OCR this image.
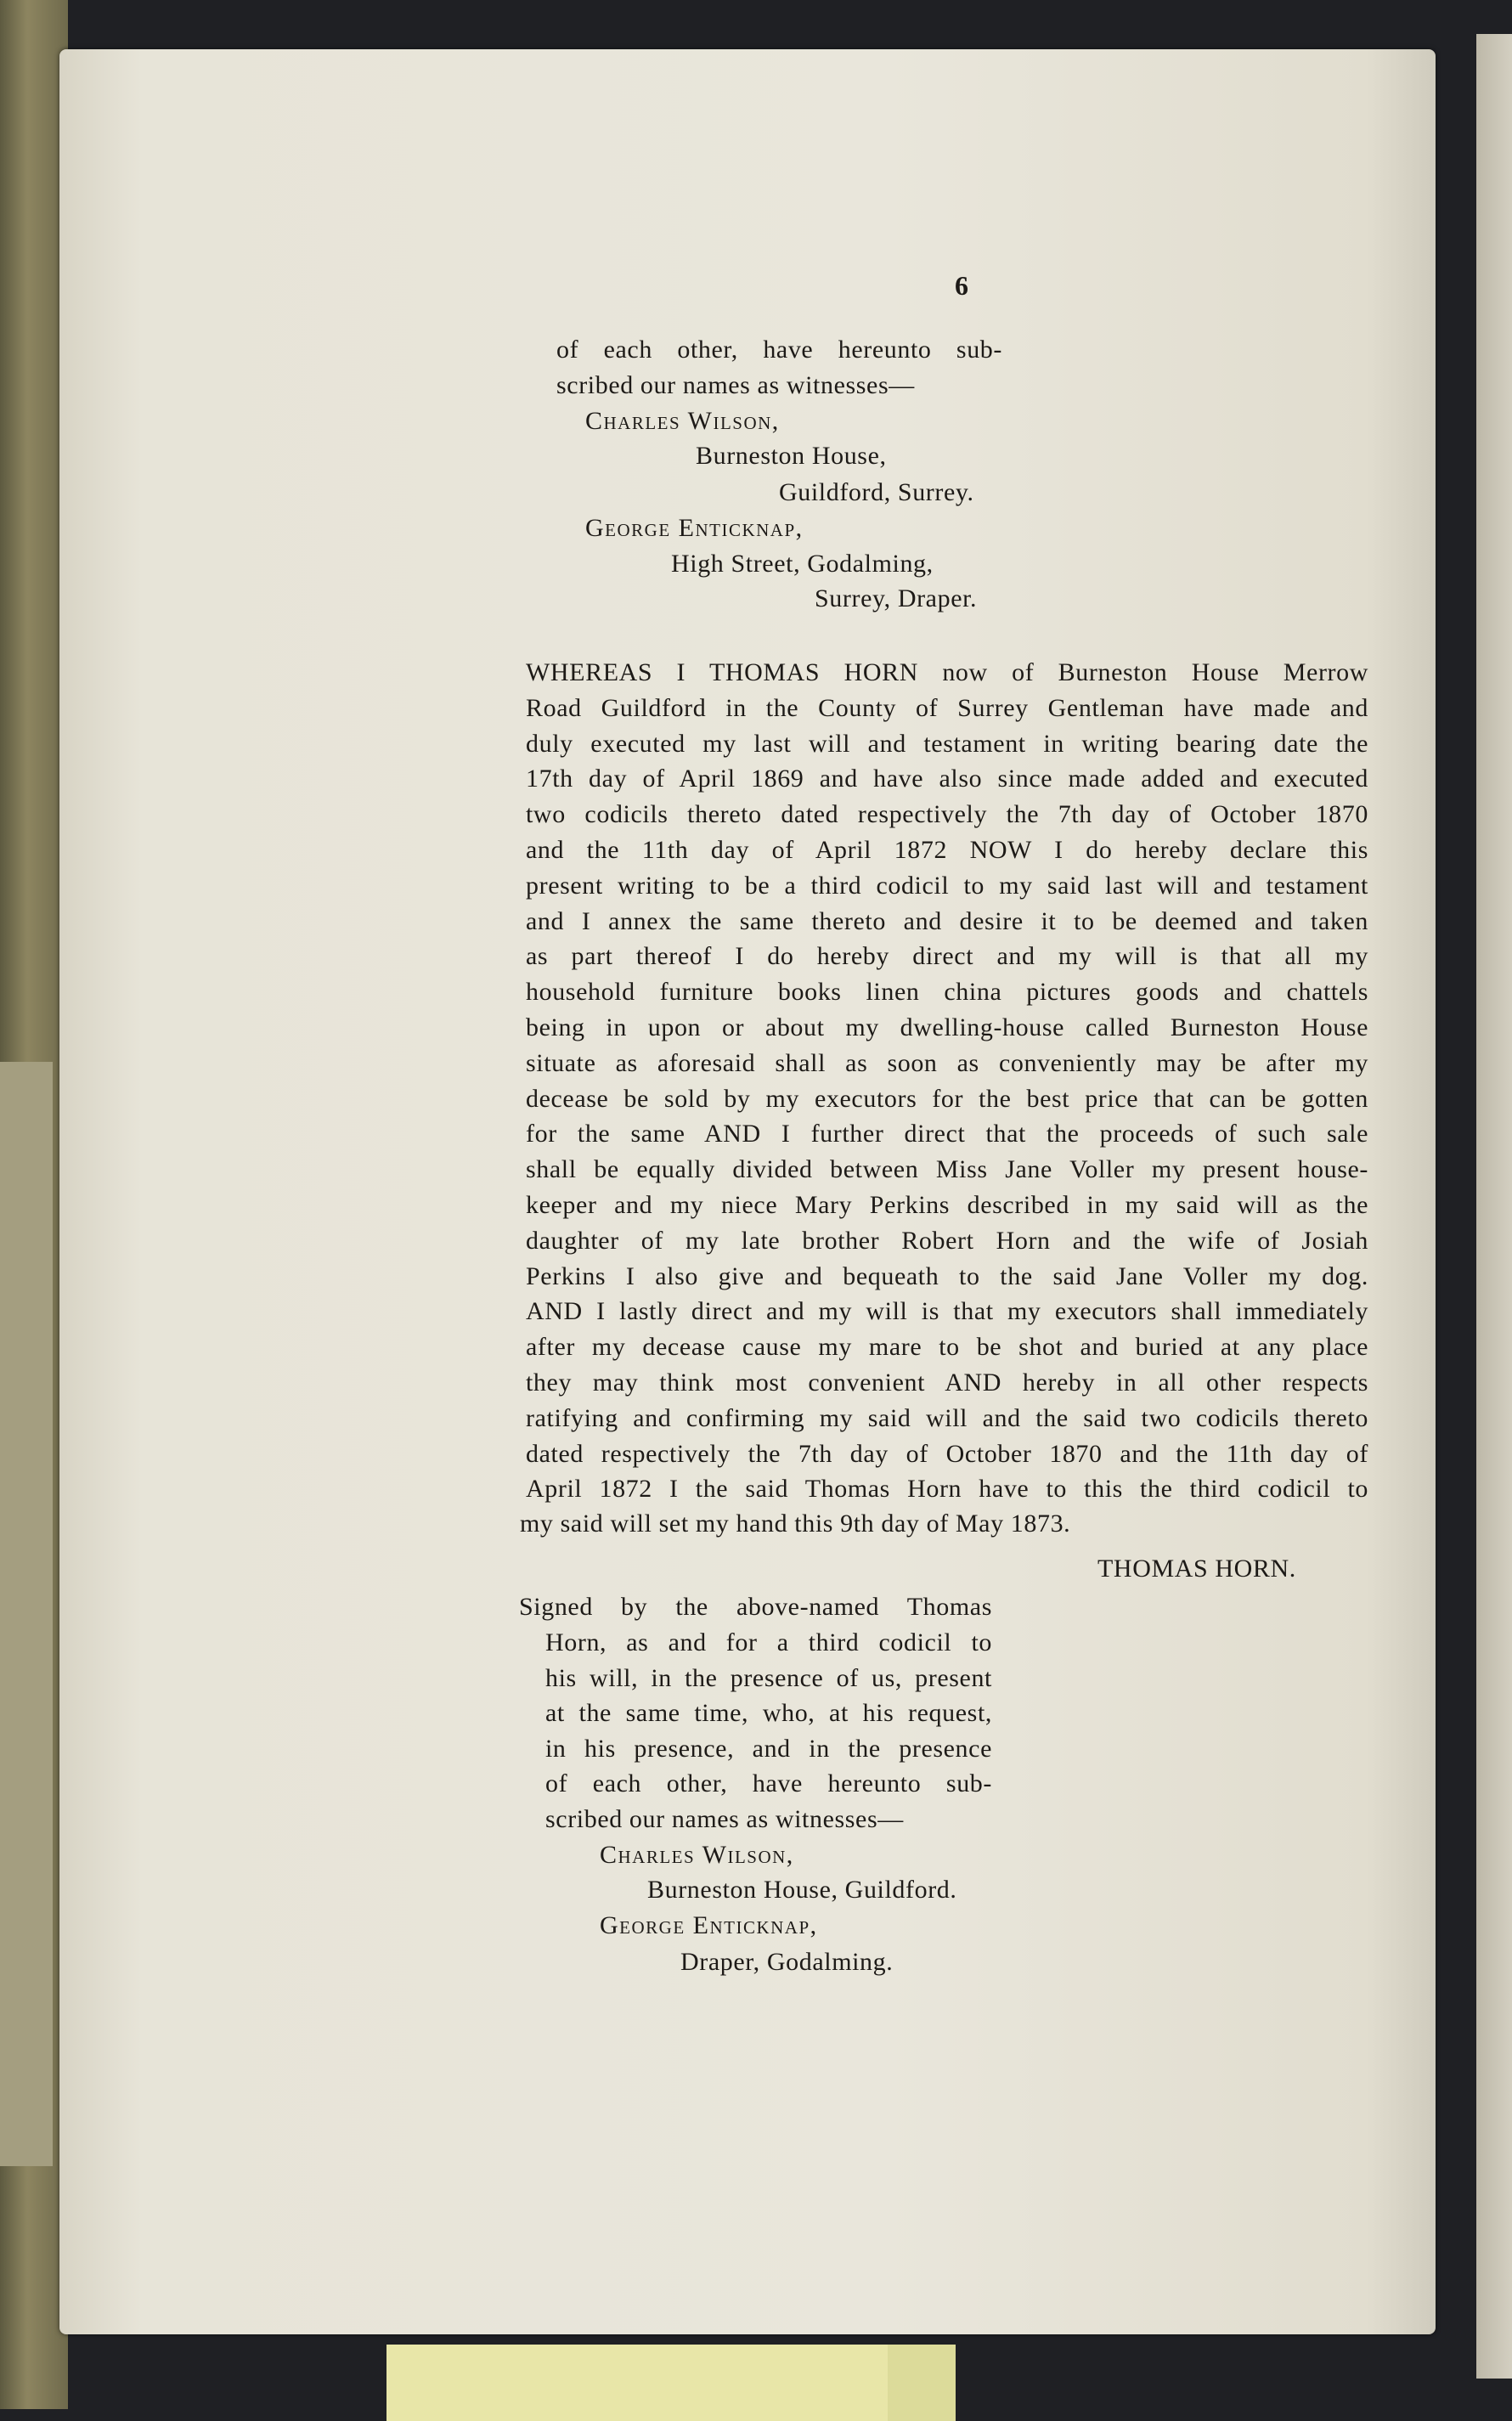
6
of each other, have hereunto sub-
scribed our names as witnesses—
Charles Wilson,
Burneston House,
Guildford, Surrey.
George Enticknap,
High Street, Godalming,
Surrey, Draper.
WHEREAS I THOMAS HORN now of Burneston House Merrow
Road Guildford in the County of Surrey Gentleman have made and
duly executed my last will and testament in writing bearing date the
17th day of April 1869 and have also since made added and executed
two codicils thereto dated respectively the 7th day of October 1870
and the 11th day of April 1872 NOW I do hereby declare this
present writing to be a third codicil to my said last will and testament
and I annex the same thereto and desire it to be deemed and taken
as part thereof I do hereby direct and my will is that all my
household furniture books linen china pictures goods and chattels
being in upon or about my dwelling-house called Burneston House
situate as aforesaid shall as soon as conveniently may be after my
decease be sold by my executors for the best price that can be gotten
for the same AND I further direct that the proceeds of such sale
shall be equally divided between Miss Jane Voller my present house-
keeper and my niece Mary Perkins described in my said will as the
daughter of my late brother Robert Horn and the wife of Josiah
Perkins I also give and bequeath to the said Jane Voller my dog.
AND I lastly direct and my will is that my executors shall immediately
after my decease cause my mare to be shot and buried at any place
they may think most convenient AND hereby in all other respects
ratifying and confirming my said will and the said two codicils thereto
dated respectively the 7th day of October 1870 and the 11th day of
April 1872 I the said Thomas Horn have to this the third codicil to
my said will set my hand this 9th day of May 1873.
THOMAS HORN.
Signed by the above-named Thomas
Horn, as and for a third codicil to
his will, in the presence of us, present
at the same time, who, at his request,
in his presence, and in the presence
of each other, have hereunto sub-
scribed our names as witnesses—
Charles Wilson,
Burneston House, Guildford.
George Enticknap,
Draper, Godalming.
